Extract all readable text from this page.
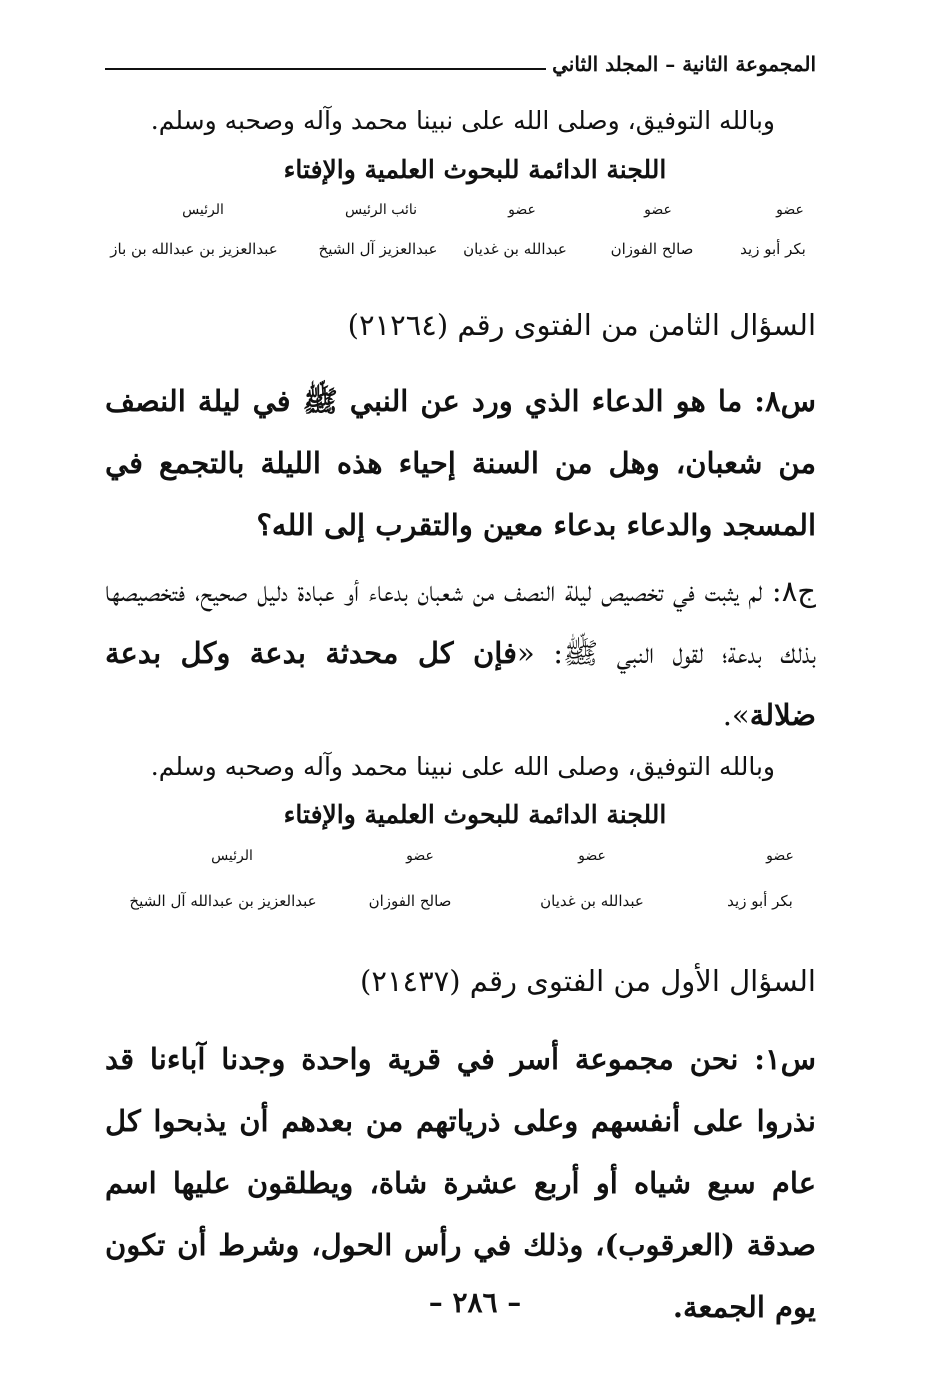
المجموعة الثانية – المجلد الثاني
وبالله التوفيق، وصلى الله على نبينا محمد وآله وصحبه وسلم.
اللجنة الدائمة للبحوث العلمية والإفتاء
عضو
عضو
عضو
نائب الرئيس
الرئيس
بكر أبو زيد
صالح الفوزان
عبدالله بن غديان
عبدالعزيز آل الشيخ
عبدالعزيز بن عبدالله بن باز
السؤال الثامن من الفتوى رقم (٢١٢٦٤)
س٨: ما هو الدعاء الذي ورد عن النبي ﷺ في ليلة النصف من شعبان، وهل من السنة إحياء هذه الليلة بالتجمع في المسجد والدعاء بدعاء معين والتقرب إلى الله؟
ج٨: لم يثبت في تخصيص ليلة النصف من شعبان بدعاء أو عبادة دليل صحيح، فتخصيصها بذلك بدعة؛ لقول النبي ﷺ: «فإن كل محدثة بدعة وكل بدعة ضلالة».
وبالله التوفيق، وصلى الله على نبينا محمد وآله وصحبه وسلم.
اللجنة الدائمة للبحوث العلمية والإفتاء
عضو
عضو
عضو
الرئيس
بكر أبو زيد
عبدالله بن غديان
صالح الفوزان
عبدالعزيز بن عبدالله آل الشيخ
السؤال الأول من الفتوى رقم (٢١٤٣٧)
س١: نحن مجموعة أسر في قرية واحدة وجدنا آباءنا قد نذروا على أنفسهم وعلى ذرياتهم من بعدهم أن يذبحوا كل عام سبع شياه أو أربع عشرة شاة، ويطلقون عليها اسم صدقة (العرقوب)، وذلك في رأس الحول، وشرط أن تكون يوم الجمعة.
– ٢٨٦ –
